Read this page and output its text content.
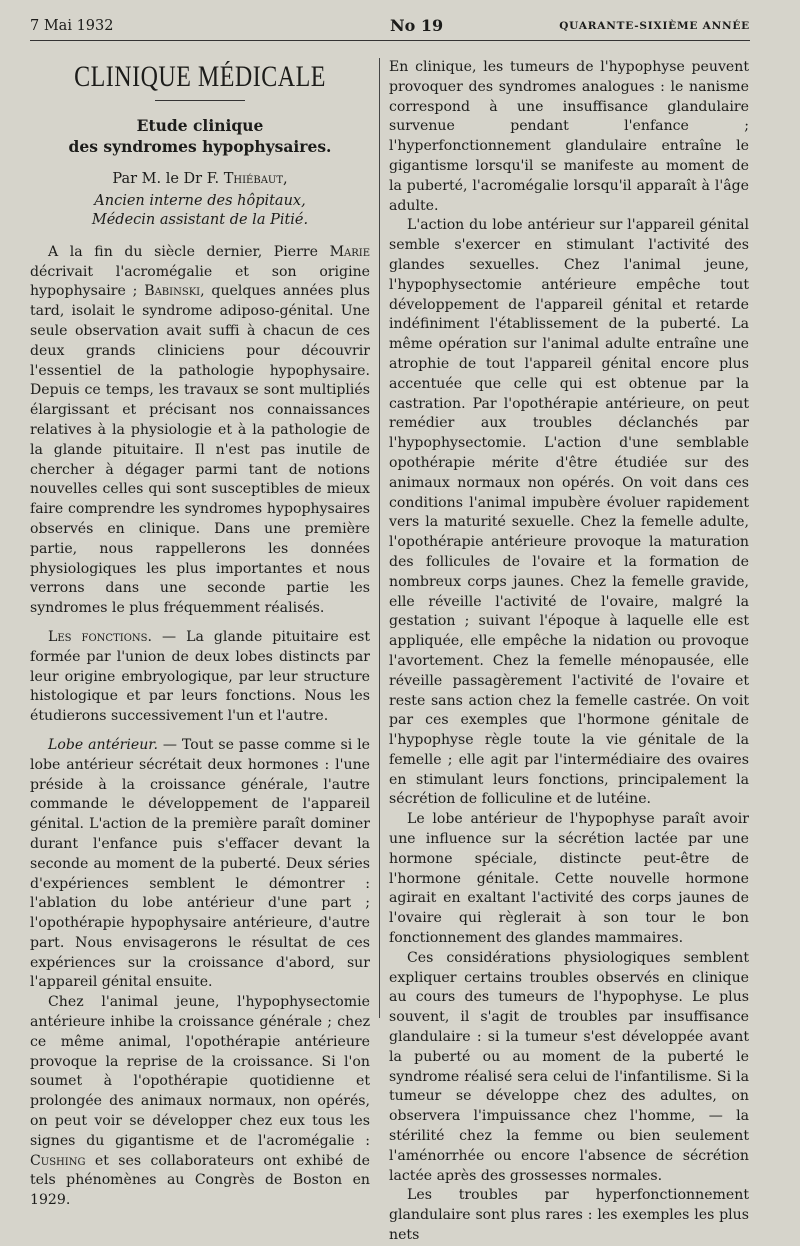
7 Mai 1932	No 19	QUARANTE-SIXIÈME ANNÉE
CLINIQUE MÉDICALE
Etude clinique
des syndromes hypophysaires.
Par M. le Dr F. Thiébaut,
Ancien interne des hôpitaux,
Médecin assistant de la Pitié.

A la fin du siècle dernier, Pierre Marie décrivait l'acromégalie et son origine hypophysaire ; Babinski, quelques années plus tard, isolait le syndrome adiposo-génital. Une seule observation avait suffi à chacun de ces deux grands cliniciens pour découvrir l'essentiel de la pathologie hypophysaire. Depuis ce temps, les travaux se sont multipliés élargissant et précisant nos connaissances relatives à la physiologie et à la pathologie de la glande pituitaire. Il n'est pas inutile de chercher à dégager parmi tant de notions nouvelles celles qui sont susceptibles de mieux faire comprendre les syndromes hypophysaires observés en clinique. Dans une première partie, nous rappellerons les données physiologiques les plus importantes et nous verrons dans une seconde partie les syndromes le plus fréquemment réalisés.

Les fonctions. — La glande pituitaire est formée par l'union de deux lobes distincts par leur origine embryologique, par leur structure histologique et par leurs fonctions. Nous les étudierons successivement l'un et l'autre.

Lobe antérieur. — Tout se passe comme si le lobe antérieur sécrétait deux hormones : l'une préside à la croissance générale, l'autre commande le développement de l'appareil génital. L'action de la première paraît dominer durant l'enfance puis s'effacer devant la seconde au moment de la puberté. Deux séries d'expériences semblent le démontrer : l'ablation du lobe antérieur d'une part ; l'opothérapie hypophysaire antérieure, d'autre part. Nous envisagerons le résultat de ces expériences sur la croissance d'abord, sur l'appareil génital ensuite.

Chez l'animal jeune, l'hypophysectomie antérieure inhibe la croissance générale ; chez ce même animal, l'opothérapie antérieure provoque la reprise de la croissance. Si l'on soumet à l'opothérapie quotidienne et prolongée des animaux normaux, non opérés, on peut voir se développer chez eux tous les signes du gigantisme et de l'acromégalie : Cushing et ses collaborateurs ont exhibé de tels phénomènes au Congrès de Boston en 1929.

En clinique, les tumeurs de l'hypophyse peuvent provoquer des syndromes analogues : le nanisme correspond à une insuffisance glandulaire survenue pendant l'enfance ; l'hyperfonctionnement glandulaire entraîne le gigantisme lorsqu'il se manifeste au moment de la puberté, l'acromégalie lorsqu'il apparaît à l'âge adulte.

L'action du lobe antérieur sur l'appareil génital semble s'exercer en stimulant l'activité des glandes sexuelles. Chez l'animal jeune, l'hypophysectomie antérieure empêche tout développement de l'appareil génital et retarde indéfiniment l'établissement de la puberté. La même opération sur l'animal adulte entraîne une atrophie de tout l'appareil génital encore plus accentuée que celle qui est obtenue par la castration. Par l'opothérapie antérieure, on peut remédier aux troubles déclanchés par l'hypophysectomie. L'action d'une semblable opothérapie mérite d'être étudiée sur des animaux normaux non opérés. On voit dans ces conditions l'animal impubère évoluer rapidement vers la maturité sexuelle. Chez la femelle adulte, l'opothérapie antérieure provoque la maturation des follicules de l'ovaire et la formation de nombreux corps jaunes. Chez la femelle gravide, elle réveille l'activité de l'ovaire, malgré la gestation ; suivant l'époque à laquelle elle est appliquée, elle empêche la nidation ou provoque l'avortement. Chez la femelle ménopausée, elle réveille passagèrement l'activité de l'ovaire et reste sans action chez la femelle castrée. On voit par ces exemples que l'hormone génitale de l'hypophyse règle toute la vie génitale de la femelle ; elle agit par l'intermédiaire des ovaires en stimulant leurs fonctions, principalement la sécrétion de folliculine et de lutéine.

Le lobe antérieur de l'hypophyse paraît avoir une influence sur la sécrétion lactée par une hormone spéciale, distincte peut-être de l'hormone génitale. Cette nouvelle hormone agirait en exaltant l'activité des corps jaunes de l'ovaire qui règlerait à son tour le bon fonctionnement des glandes mammaires.

Ces considérations physiologiques semblent expliquer certains troubles observés en clinique au cours des tumeurs de l'hypophyse. Le plus souvent, il s'agit de troubles par insuffisance glandulaire : si la tumeur s'est développée avant la puberté ou au moment de la puberté le syndrome réalisé sera celui de l'infantilisme. Si la tumeur se développe chez des adultes, on observera l'impuissance chez l'homme, — la stérilité chez la femme ou bien seulement l'aménorrhée ou encore l'absence de sécrétion lactée après des grossesses normales.

Les troubles par hyperfonctionnement glandulaire sont plus rares : les exemples les plus nets
